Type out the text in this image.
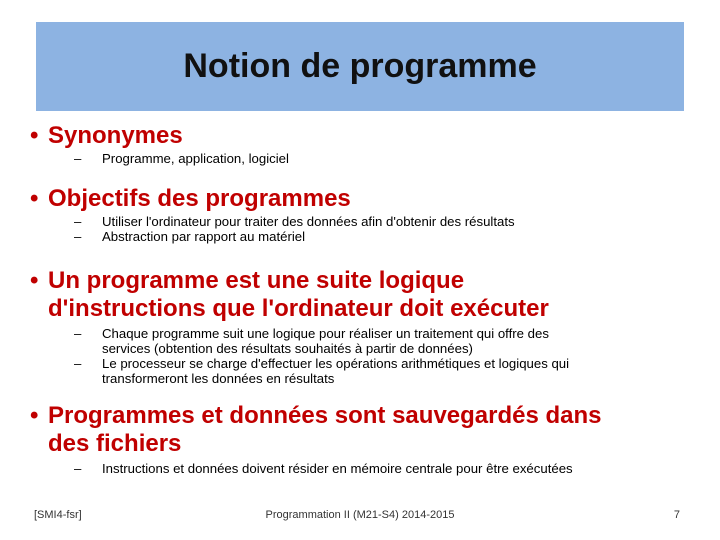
Notion de programme
• Synonymes
–	Programme, application, logiciel
• Objectifs des programmes
–	Utiliser l'ordinateur pour traiter des données afin d'obtenir des résultats
–	Abstraction par rapport au matériel
• Un programme est une suite logique
d'instructions que l'ordinateur doit exécuter
–	Chaque programme suit une logique pour réaliser un traitement qui offre des
services (obtention des résultats souhaités à partir de données)
–	Le processeur se charge d'effectuer les opérations arithmétiques et logiques qui
transformeront les données en résultats
• Programmes et données sont sauvegardés dans
des fichiers
–	Instructions et données doivent résider en mémoire centrale pour être exécutées
[SMI4-fsr]	Programmation II (M21-S4) 2014-2015	7
